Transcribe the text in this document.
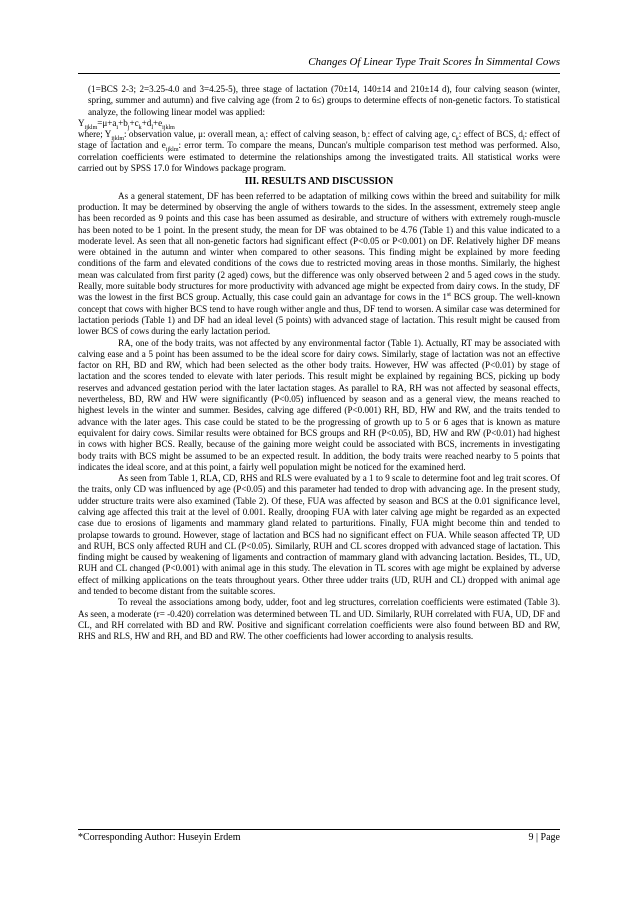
Changes Of Linear Type Trait Scores İn Simmental Cows

(1=BCS 2-3; 2=3.25-4.0 and 3=4.25-5), three stage of lactation (70±14, 140±14 and 210±14 d), four calving season (winter, spring, summer and autumn) and five calving age (from 2 to 6≤) groups to determine effects of non-genetic factors. To statistical analyze, the following linear model was applied:

$Y_{ijklm}=\mu+a_i+b_j+c_k+d_l+e_{ijklm}$

where; $Y_{ijklm}$: observation value, μ: overall mean, $a_i$: effect of calving season, $b_j$: effect of calving age, $c_k$: effect of BCS, $d_l$: effect of stage of lactation and $e_{ijklm}$: error term. To compare the means, Duncan's multiple comparison test method was performed. Also, correlation coefficients were estimated to determine the relationships among the investigated traits. All statistical works were carried out by SPSS 17.0 for Windows package program.

III. RESULTS AND DISCUSSION

As a general statement, DF has been referred to be adaptation of milking cows within the breed and suitability for milk production. It may be determined by observing the angle of withers towards to the sides. In the assessment, extremely steep angle has been recorded as 9 points and this case has been assumed as desirable, and structure of withers with extremely rough-muscle has been noted to be 1 point. In the present study, the mean for DF was obtained to be 4.76 (Table 1) and this value indicated to a moderate level. As seen that all non-genetic factors had significant effect (P<0.05 or P<0.001) on DF. Relatively higher DF means were obtained in the autumn and winter when compared to other seasons. This finding might be explained by more feeding conditions of the farm and elevated conditions of the cows due to restricted moving areas in those months. Similarly, the highest mean was calculated from first parity (2 aged) cows, but the difference was only observed between 2 and 5 aged cows in the study. Really, more suitable body structures for more productivity with advanced age might be expected from dairy cows. In the study, DF was the lowest in the first BCS group. Actually, this case could gain an advantage for cows in the 1st BCS group. The well-known concept that cows with higher BCS tend to have rough wither angle and thus, DF tend to worsen. A similar case was determined for lactation periods (Table 1) and DF had an ideal level (5 points) with advanced stage of lactation. This result might be caused from lower BCS of cows during the early lactation period.

RA, one of the body traits, was not affected by any environmental factor (Table 1). Actually, RT may be associated with calving ease and a 5 point has been assumed to be the ideal score for dairy cows. Similarly, stage of lactation was not an effective factor on RH, BD and RW, which had been selected as the other body traits. However, HW was affected (P<0.01) by stage of lactation and the scores tended to elevate with later periods. This result might be explained by regaining BCS, picking up body reserves and advanced gestation period with the later lactation stages. As parallel to RA, RH was not affected by seasonal effects, nevertheless, BD, RW and HW were significantly (P<0.05) influenced by season and as a general view, the means reached to highest levels in the winter and summer. Besides, calving age differed (P<0.001) RH, BD, HW and RW, and the traits tended to advance with the later ages. This case could be stated to be the progressing of growth up to 5 or 6 ages that is known as mature equivalent for dairy cows. Similar results were obtained for BCS groups and RH (P<0.05), BD, HW and RW (P<0.01) had highest in cows with higher BCS. Really, because of the gaining more weight could be associated with BCS, increments in investigating body traits with BCS might be assumed to be an expected result. In addition, the body traits were reached nearby to 5 points that indicates the ideal score, and at this point, a fairly well population might be noticed for the examined herd.

As seen from Table 1, RLA, CD, RHS and RLS were evaluated by a 1 to 9 scale to determine foot and leg trait scores. Of the traits, only CD was influenced by age (P<0.05) and this parameter had tended to drop with advancing age. In the present study, udder structure traits were also examined (Table 2). Of these, FUA was affected by season and BCS at the 0.01 significance level, calving age affected this trait at the level of 0.001. Really, drooping FUA with later calving age might be regarded as an expected case due to erosions of ligaments and mammary gland related to parturitions. Finally, FUA might become thin and tended to prolapse towards to ground. However, stage of lactation and BCS had no significant effect on FUA. While season affected TP, UD and RUH, BCS only affected RUH and CL (P<0.05). Similarly, RUH and CL scores dropped with advanced stage of lactation. This finding might be caused by weakening of ligaments and contraction of mammary gland with advancing lactation. Besides, TL, UD, RUH and CL changed (P<0.001) with animal age in this study. The elevation in TL scores with age might be explained by adverse effect of milking applications on the teats throughout years. Other three udder traits (UD, RUH and CL) dropped with animal age and tended to become distant from the suitable scores.

To reveal the associations among body, udder, foot and leg structures, correlation coefficients were estimated (Table 3). As seen, a moderate (r= -0.420) correlation was determined between TL and UD. Similarly, RUH correlated with FUA, UD, DF and CL, and RH correlated with BD and RW. Positive and significant correlation coefficients were also found between BD and RW, RHS and RLS, HW and RH, and BD and RW. The other coefficients had lower according to analysis results.

*Corresponding Author: Huseyin Erdem	9 | Page
